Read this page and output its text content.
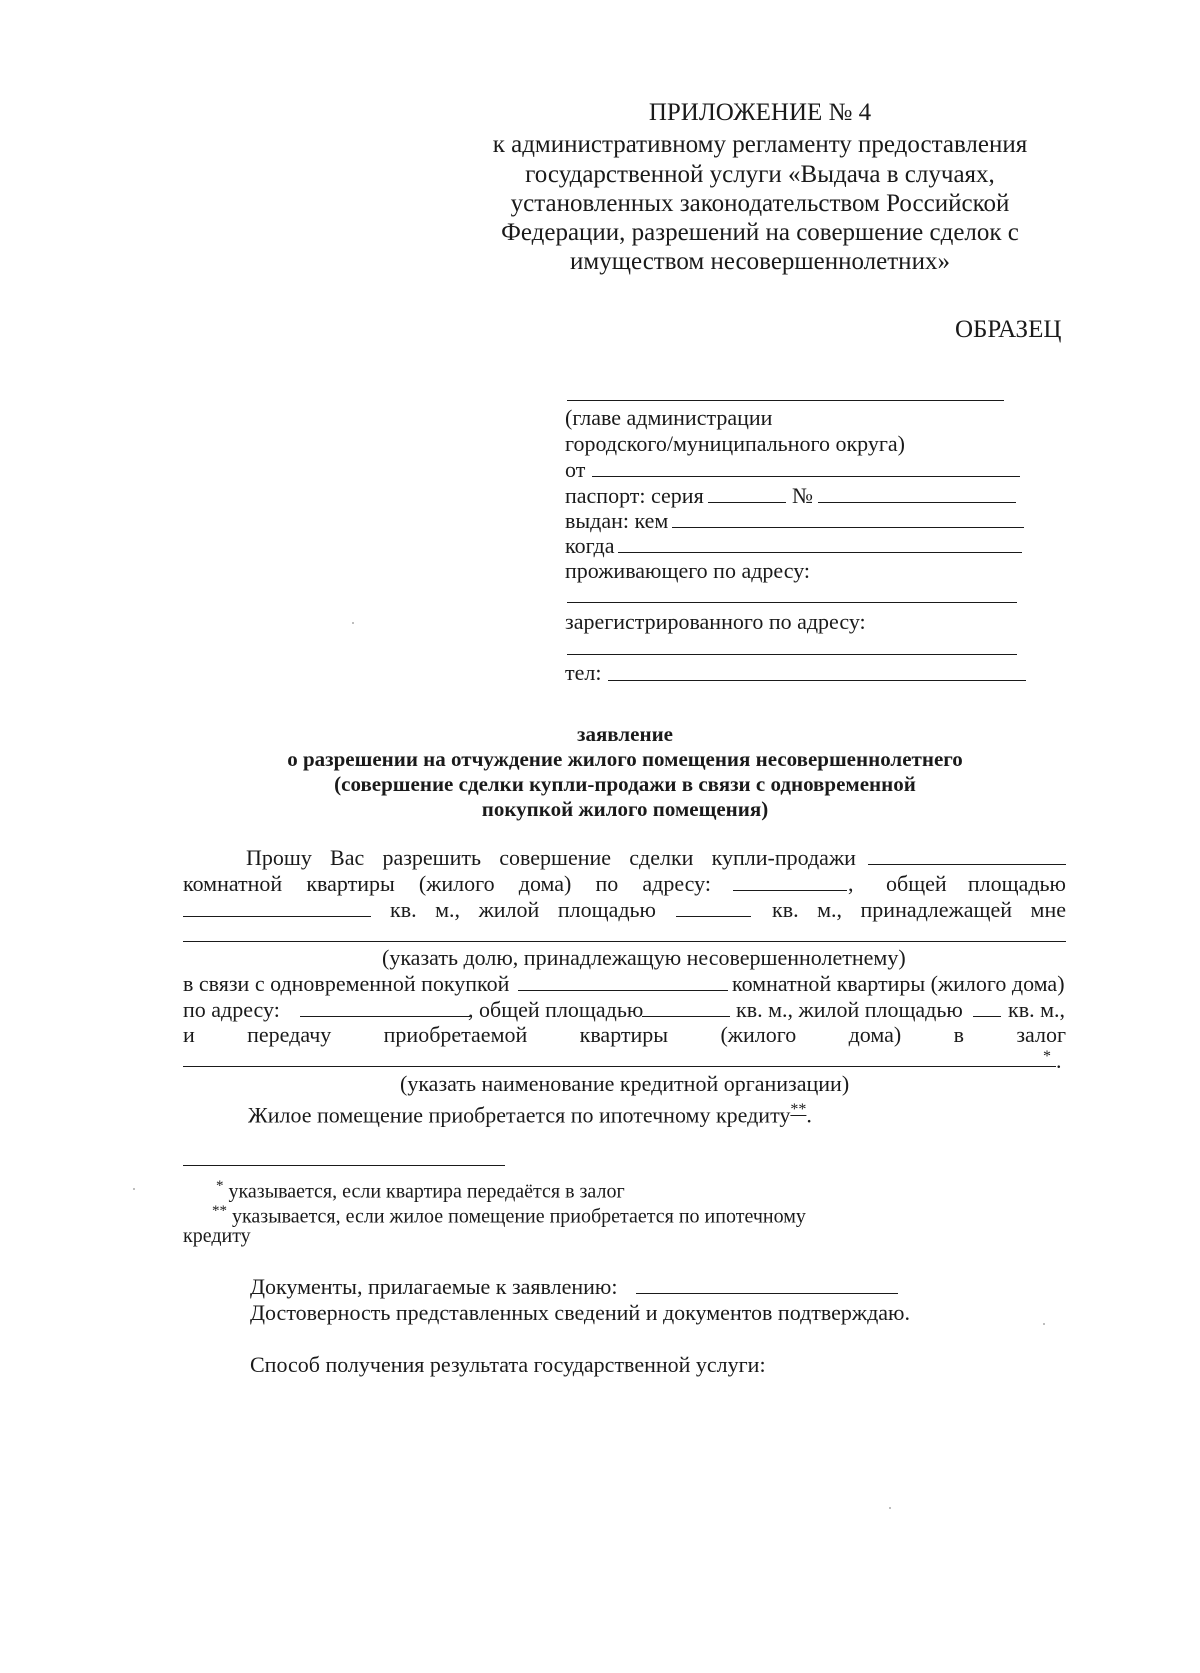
ПРИЛОЖЕНИЕ № 4
к административному регламенту предоставления
государственной услуги «Выдача в случаях,
установленных законодательством Российской
Федерации, разрешений на совершение сделок с
имуществом несовершеннолетних»
ОБРАЗЕЦ
(главе администрации
городского/муниципального округа)
от
паспорт: серия	№
выдан: кем
когда
проживающего по адресу:
зарегистрированного по адресу:
тел:
заявление
о разрешении на отчуждение жилого помещения несовершеннолетнего
(совершение сделки купли-продажи в связи с одновременной
покупкой жилого помещения)
Прошу Вас разрешить совершение сделки купли-продажи
комнатной квартиры (жилого дома) по адресу:	, общей площадью
кв. м., жилой площадью	кв. м., принадлежащей мне
(указать долю, принадлежащую несовершеннолетнему)
в связи с одновременной покупкой	комнатной квартиры (жилого дома)
по адресу:	, общей площадью	кв. м., жилой площадью кв. м.,
и передачу приобретаемой квартиры (жилого дома) в залог
* .
(указать наименование кредитной организации)
Жилое помещение приобретается по ипотечному кредиту**.
* указывается, если квартира передаётся в залог
** указывается, если жилое помещение приобретается по ипотечному
кредиту
Документы, прилагаемые к заявлению:
Достоверность представленных сведений и документов подтверждаю.
Способ получения результата государственной услуги:
